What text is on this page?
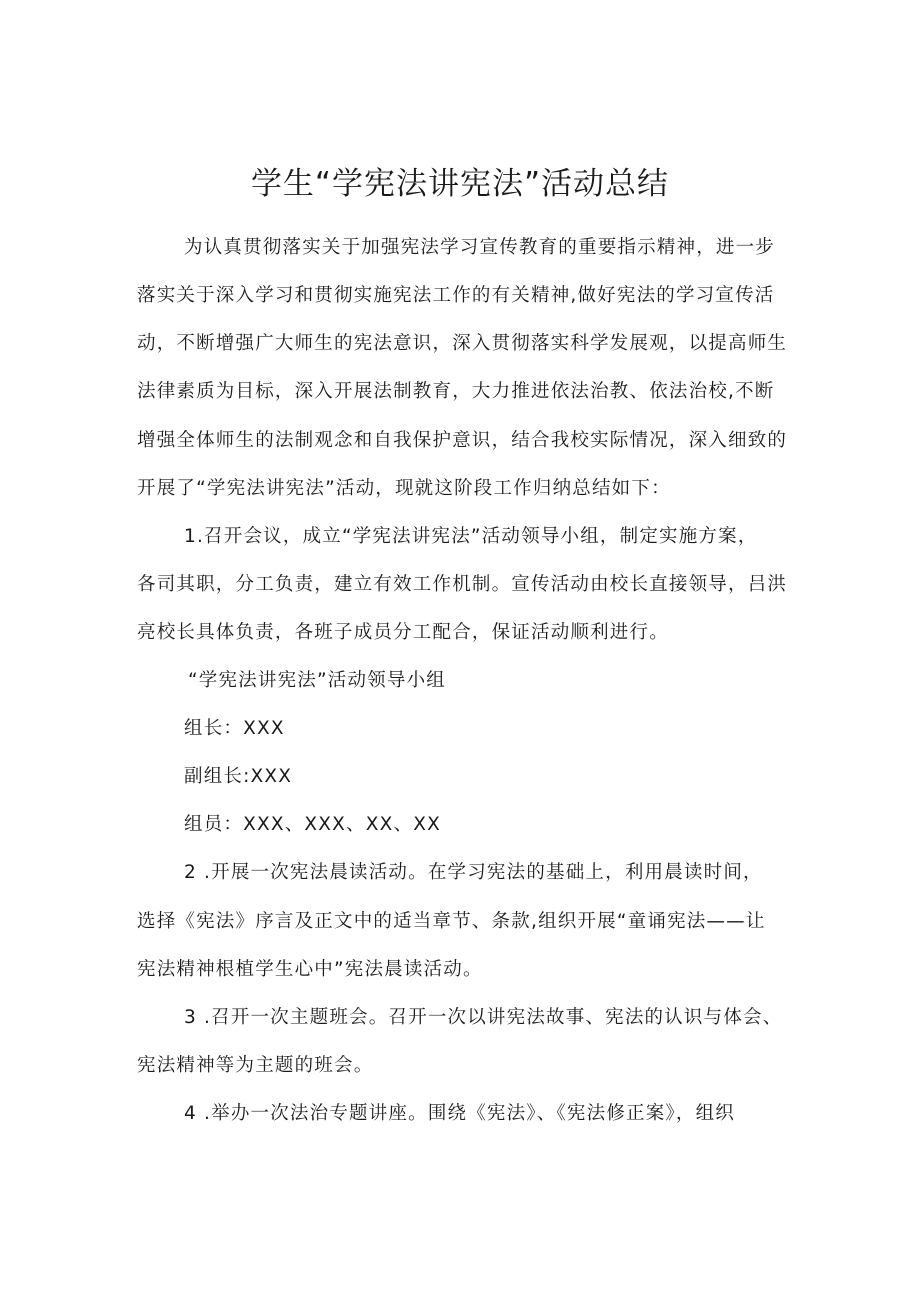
学生“学宪法讲宪法”活动总结
为认真贯彻落实关于加强宪法学习宣传教育的重要指示精神，进一步
落实关于深入学习和贯彻实施宪法工作的有关精神,做好宪法的学习宣传活
动，不断增强广大师生的宪法意识，深入贯彻落实科学发展观，以提高师生
法律素质为目标，深入开展法制教育，大力推进依法治教、依法治校,不断
增强全体师生的法制观念和自我保护意识，结合我校实际情况，深入细致的
开展了“学宪法讲宪法”活动，现就这阶段工作归纳总结如下：
1.召开会议，成立“学宪法讲宪法”活动领导小组，制定实施方案，
各司其职，分工负责，建立有效工作机制。宣传活动由校长直接领导，吕洪
亮校长具体负责，各班子成员分工配合，保证活动顺利进行。
“学宪法讲宪法”活动领导小组
组长：XXX
副组长:XXX
组员：XXX、XXX、XX、XX
2 .开展一次宪法晨读活动。在学习宪法的基础上，利用晨读时间，
选择《宪法》序言及正文中的适当章节、条款,组织开展“童诵宪法——让
宪法精神根植学生心中”宪法晨读活动。
3 .召开一次主题班会。召开一次以讲宪法故事、宪法的认识与体会、
宪法精神等为主题的班会。
4 .举办一次法治专题讲座。围绕《宪法》、《宪法修正案》，组织
